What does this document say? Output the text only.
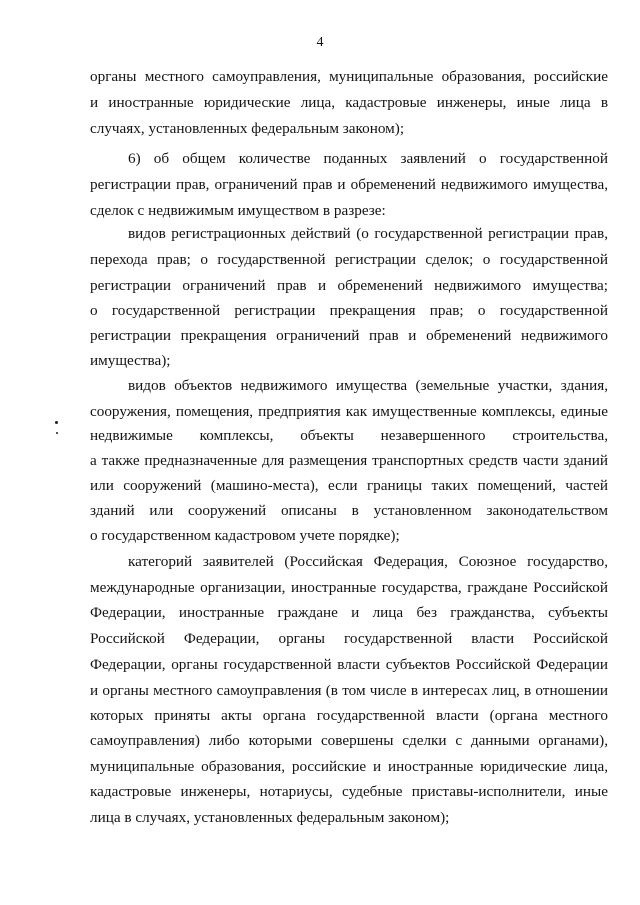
4
органы местного самоуправления, муниципальные образования, российские
и иностранные юридические лица, кадастровые инженеры, иные лица в
случаях, установленных федеральным законом);
6) об общем количестве поданных заявлений о государственной
регистрации прав, ограничений прав и обременений недвижимого имущества,
сделок с недвижимым имуществом в разрезе:
видов регистрационных действий (о государственной регистрации прав,
перехода прав; о государственной регистрации сделок; о государственной
регистрации ограничений прав и обременений недвижимого имущества;
о государственной регистрации прекращения прав; о государственной
регистрации прекращения ограничений прав и обременений недвижимого
имущества);
видов объектов недвижимого имущества (земельные участки, здания,
сооружения, помещения, предприятия как имущественные комплексы, единые
недвижимые комплексы, объекты незавершенного строительства,
а также предназначенные для размещения транспортных средств части зданий
или сооружений (машино-места), если границы таких помещений, частей
зданий или сооружений описаны в установленном законодательством
о государственном кадастровом учете порядке);
категорий заявителей (Российская Федерация, Союзное государство,
международные организации, иностранные государства, граждане Российской
Федерации, иностранные граждане и лица без гражданства, субъекты
Российской Федерации, органы государственной власти Российской
Федерации, органы государственной власти субъектов Российской Федерации
и органы местного самоуправления (в том числе в интересах лиц, в отношении
которых приняты акты органа государственной власти (органа местного
самоуправления) либо которыми совершены сделки с данными органами),
муниципальные образования, российские и иностранные юридические лица,
кадастровые инженеры, нотариусы, судебные приставы-исполнители, иные
лица в случаях, установленных федеральным законом);
